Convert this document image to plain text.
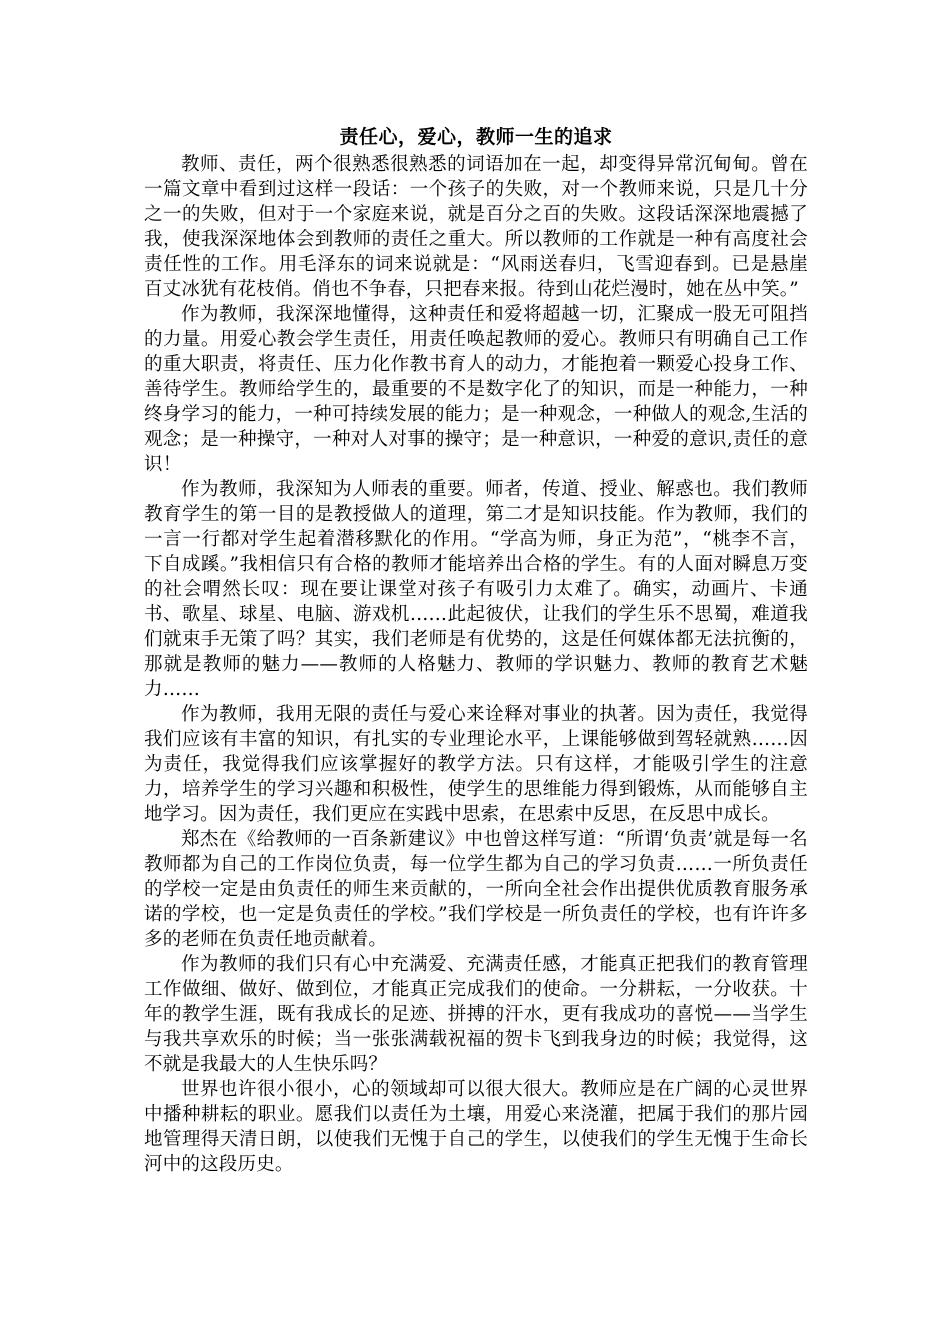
责任心，爱心，教师一生的追求

教师、责任，两个很熟悉很熟悉的词语加在一起，却变得异常沉甸甸。曾在一篇文章中看到过这样一段话：一个孩子的失败，对一个教师来说，只是几十分之一的失败，但对于一个家庭来说，就是百分之百的失败。这段话深深地震撼了我，使我深深地体会到教师的责任之重大。所以教师的工作就是一种有高度社会责任性的工作。用毛泽东的词来说就是：“风雨送春归，飞雪迎春到。已是悬崖百丈冰犹有花枝俏。俏也不争春，只把春来报。待到山花烂漫时，她在丛中笑。”

作为教师，我深深地懂得，这种责任和爱将超越一切，汇聚成一股无可阻挡的力量。用爱心教会学生责任，用责任唤起教师的爱心。教师只有明确自己工作的重大职责，将责任、压力化作教书育人的动力，才能抱着一颗爱心投身工作、善待学生。教师给学生的，最重要的不是数字化了的知识，而是一种能力，一种终身学习的能力，一种可持续发展的能力；是一种观念，一种做人的观念,生活的观念；是一种操守，一种对人对事的操守；是一种意识，一种爱的意识,责任的意识！

作为教师，我深知为人师表的重要。师者，传道、授业、解惑也。我们教师教育学生的第一目的是教授做人的道理，第二才是知识技能。作为教师，我们的一言一行都对学生起着潜移默化的作用。“学高为师，身正为范”，“桃李不言，下自成蹊。”我相信只有合格的教师才能培养出合格的学生。有的人面对瞬息万变的社会喟然长叹：现在要让课堂对孩子有吸引力太难了。确实，动画片、卡通书、歌星、球星、电脑、游戏机……此起彼伏，让我们的学生乐不思蜀，难道我们就束手无策了吗？其实，我们老师是有优势的，这是任何媒体都无法抗衡的，那就是教师的魅力——教师的人格魅力、教师的学识魅力、教师的教育艺术魅力……

作为教师，我用无限的责任与爱心来诠释对事业的执著。因为责任，我觉得我们应该有丰富的知识，有扎实的专业理论水平，上课能够做到驾轻就熟……因为责任，我觉得我们应该掌握好的教学方法。只有这样，才能吸引学生的注意力，培养学生的学习兴趣和积极性，使学生的思维能力得到锻炼，从而能够自主地学习。因为责任，我们更应在实践中思索，在思索中反思，在反思中成长。

郑杰在《给教师的一百条新建议》中也曾这样写道：“所谓‘负责’就是每一名教师都为自己的工作岗位负责，每一位学生都为自己的学习负责……一所负责任的学校一定是由负责任的师生来贡献的，一所向全社会作出提供优质教育服务承诺的学校，也一定是负责任的学校。”我们学校是一所负责任的学校，也有许许多多的老师在负责任地贡献着。

作为教师的我们只有心中充满爱、充满责任感，才能真正把我们的教育管理工作做细、做好、做到位，才能真正完成我们的使命。一分耕耘，一分收获。十年的教学生涯，既有我成长的足迹、拼搏的汗水，更有我成功的喜悦——当学生与我共享欢乐的时候；当一张张满载祝福的贺卡飞到我身边的时候；我觉得，这不就是我最大的人生快乐吗？

世界也许很小很小，心的领域却可以很大很大。教师应是在广阔的心灵世界中播种耕耘的职业。愿我们以责任为土壤，用爱心来浇灌，把属于我们的那片园地管理得天清日朗，以使我们无愧于自己的学生，以使我们的学生无愧于生命长河中的这段历史。
